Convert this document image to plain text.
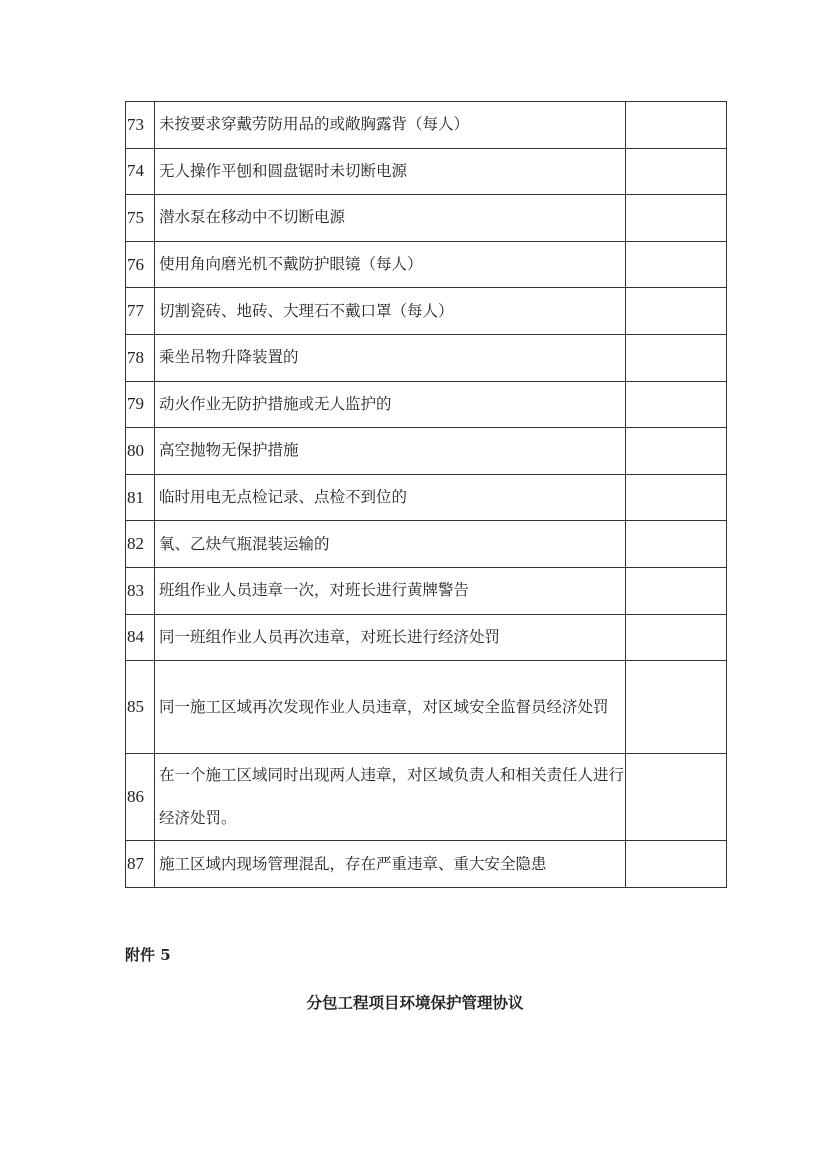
73	未按要求穿戴劳防用品的或敞胸露背（每人）	
74	无人操作平刨和圆盘锯时未切断电源	
75	潜水泵在移动中不切断电源	
76	使用角向磨光机不戴防护眼镜（每人）	
77	切割瓷砖、地砖、大理石不戴口罩（每人）	
78	乘坐吊物升降装置的	
79	动火作业无防护措施或无人监护的	
80	高空抛物无保护措施	
81	临时用电无点检记录、点检不到位的	
82	氧、乙炔气瓶混装运输的	
83	班组作业人员违章一次，对班长进行黄牌警告	
84	同一班组作业人员再次违章，对班长进行经济处罚	
85	同一施工区域再次发现作业人员违章，对区域安全监督员经济处罚	
86	在一个施工区域同时出现两人违章，对区域负责人和相关责任人进行经济处罚。	
87	施工区域内现场管理混乱，存在严重违章、重大安全隐患	
附件 5
分包工程项目环境保护管理协议
